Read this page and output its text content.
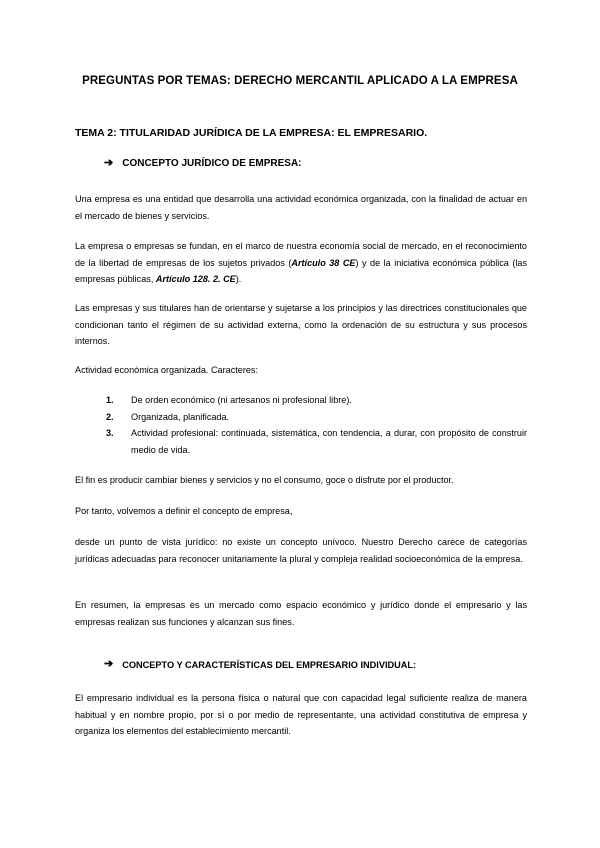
PREGUNTAS POR TEMAS: DERECHO MERCANTIL APLICADO A LA EMPRESA
TEMA 2: TITULARIDAD JURÍDICA DE LA EMPRESA: EL EMPRESARIO.
➔ CONCEPTO JURÍDICO DE EMPRESA:

Una empresa es una entidad que desarrolla una actividad económica organizada, con la finalidad de actuar en el mercado de bienes y servicios.

La empresa o empresas se fundan, en el marco de nuestra economía social de mercado, en el reconocimiento de la libertad de empresas de los sujetos privados (Artículo 38 CE) y de la iniciativa económica pública (las empresas públicas, Artículo 128. 2. CE).

Las empresas y sus titulares han de orientarse y sujetarse a los principios y las directrices constitucionales que condicionan tanto el régimen de su actividad externa, como la ordenación de su estructura y sus procesos internos.

Actividad económica organizada. Caracteres:

1. De orden económico (ni artesanos ni profesional libre).
2. Organizada, planificada.
3. Actividad profesional: continuada, sistemática, con tendencia, a durar, con propósito de construir medio de vida.

El fin es producir cambiar bienes y servicios y no el consumo, goce o disfrute por el productor.

Por tanto, volvemos a definir el concepto de empresa,

desde un punto de vista jurídico: no existe un concepto unívoco. Nuestro Derecho carece de categorías jurídicas adecuadas para reconocer unitariamente la plural y compleja realidad socioeconómica de la empresa.

En resumen, la empresas es un mercado como espacio económico y jurídico donde el empresario y las empresas realizan sus funciones y alcanzan sus fines.

➔ CONCEPTO Y CARACTERÍSTICAS DEL EMPRESARIO INDIVIDUAL:

El empresario individual es la persona física o natural que con capacidad legal suficiente realiza de manera habitual y en nombre propio, por sí o por medio de representante, una actividad constitutiva de empresa y organiza los elementos del establecimiento mercantil.
